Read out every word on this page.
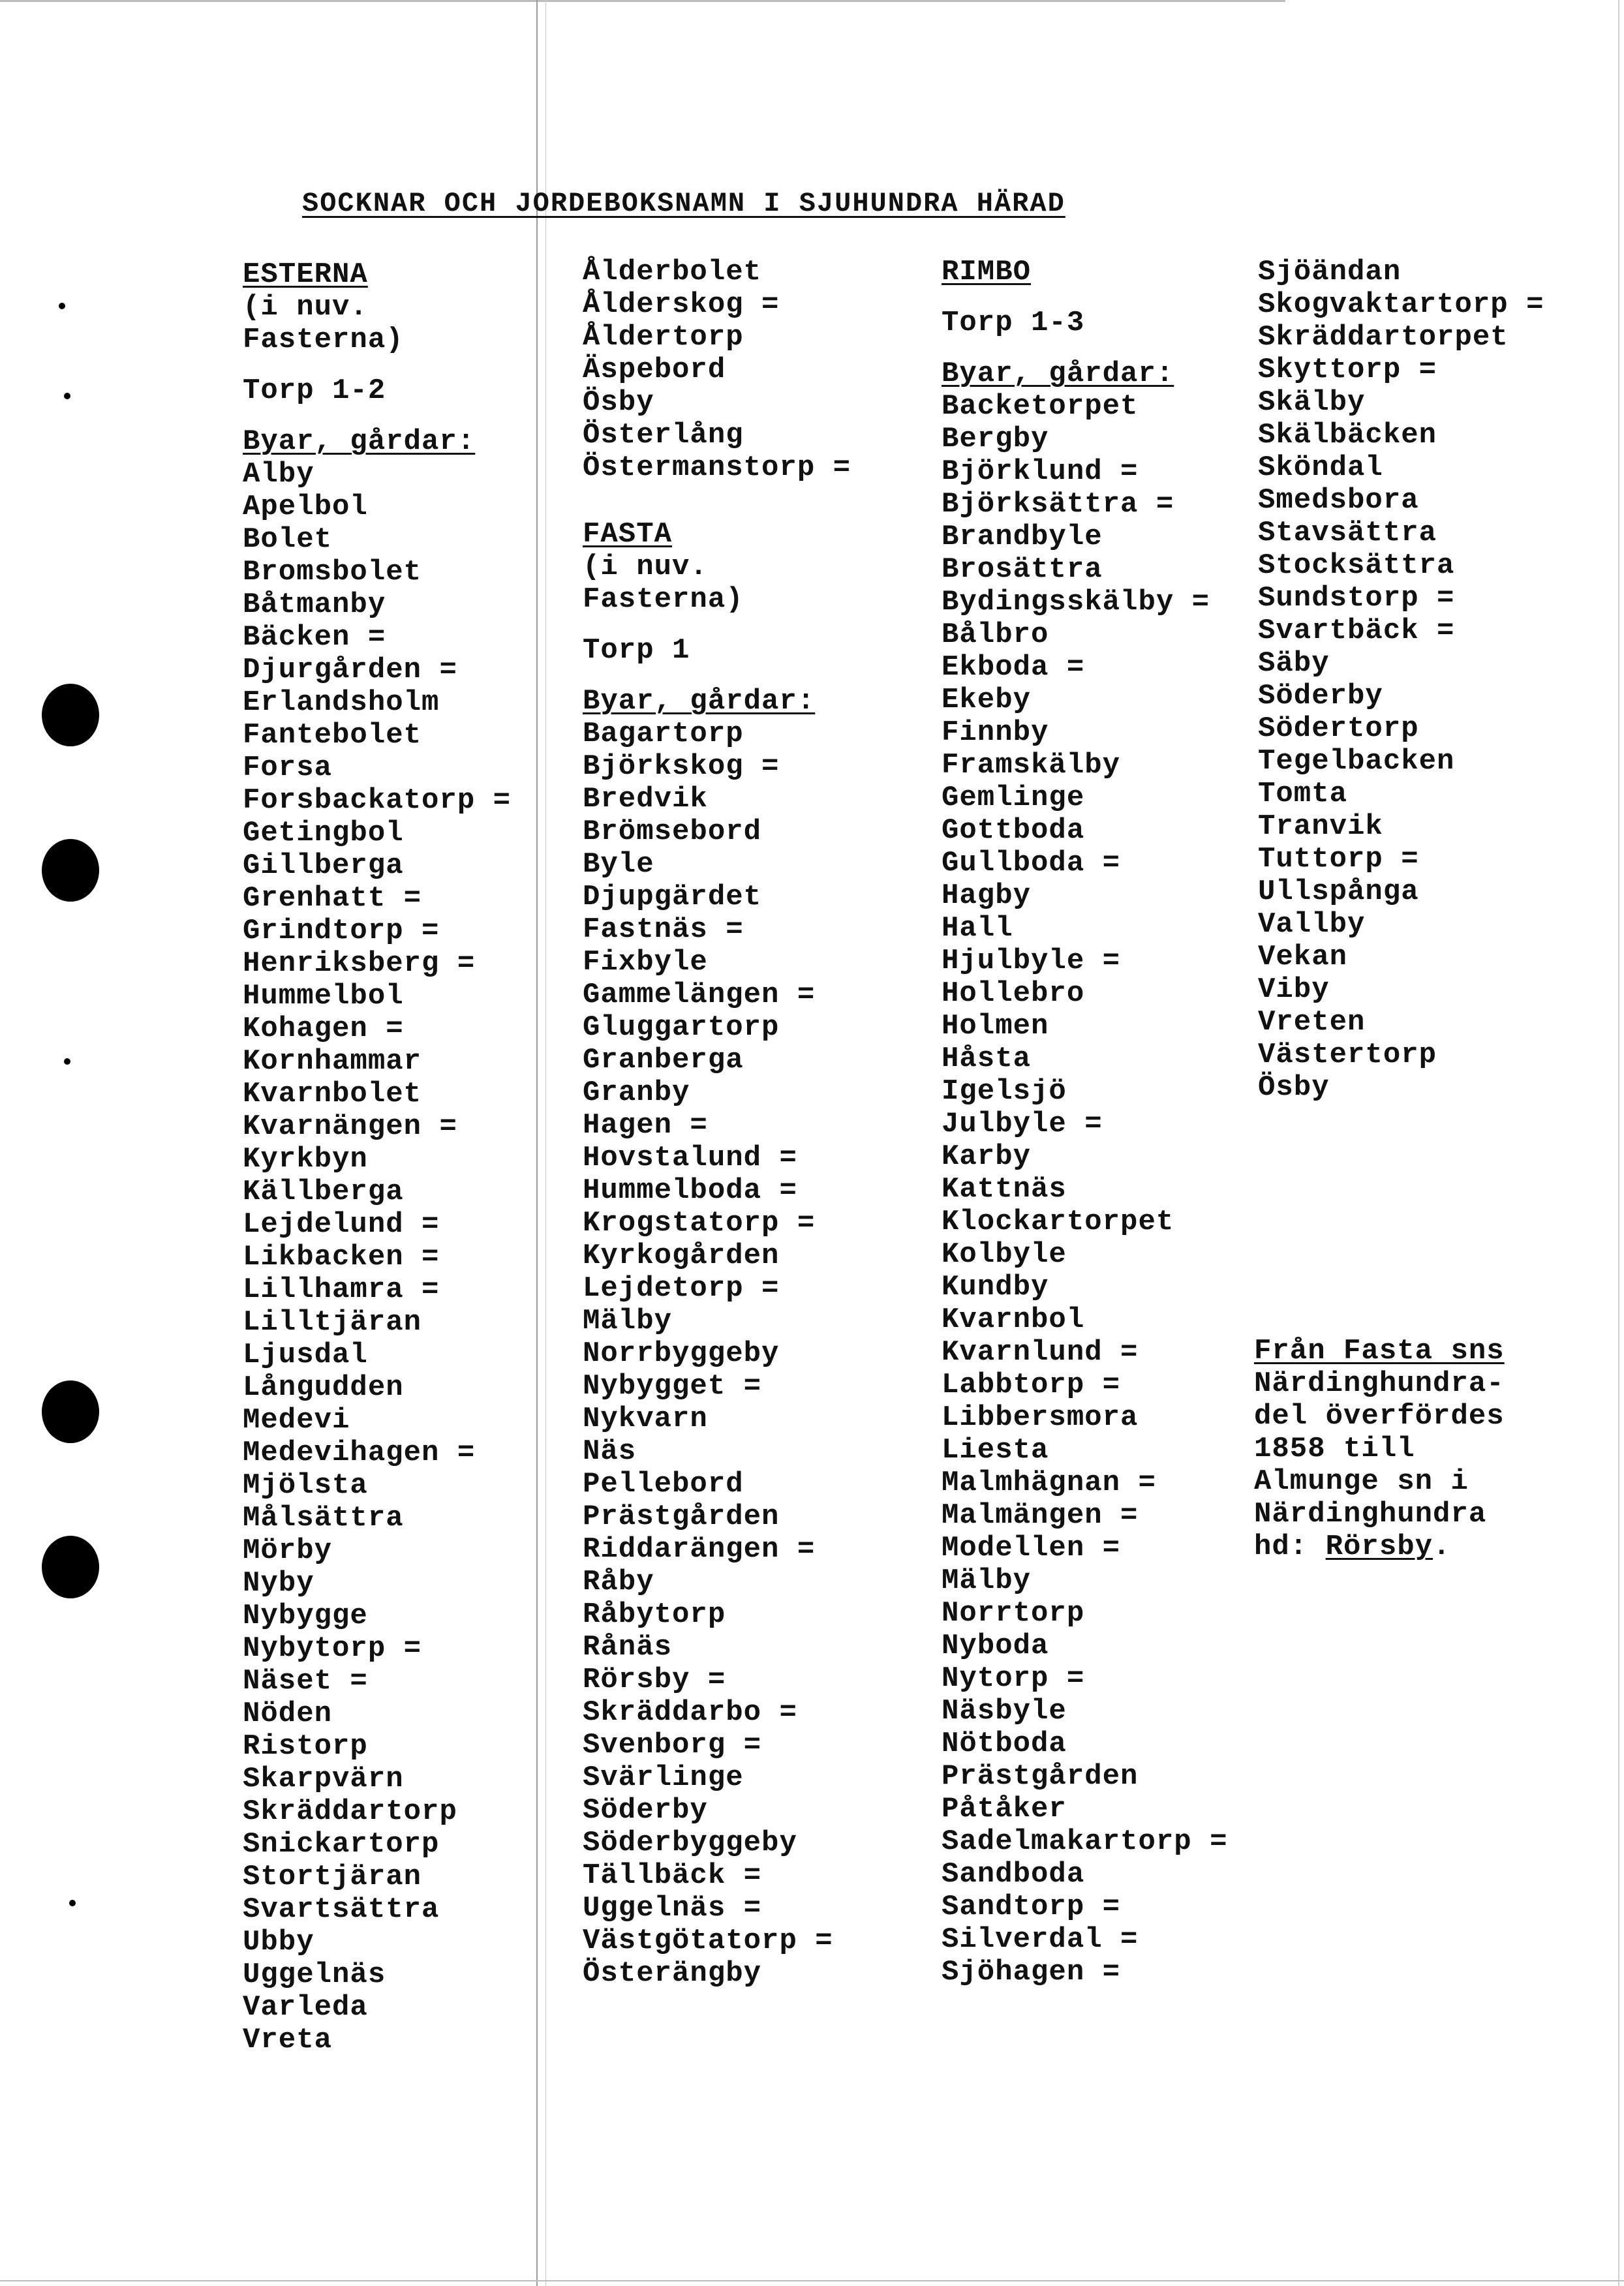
SOCKNAR OCH JORDEBOKSNAMN I SJUHUNDRA HÄRAD
ESTERNA
(i nuv.
Fasterna)
Torp 1-2
Byar, gårdar:
Alby
Apelbol
Bolet
Bromsbolet
Båtmanby
Bäcken =
Djurgården =
Erlandsholm
Fantebolet
Forsa
Forsbackatorp =
Getingbol
Gillberga
Grenhatt =
Grindtorp =
Henriksberg =
Hummelbol
Kohagen =
Kornhammar
Kvarnbolet
Kvarnängen =
Kyrkbyn
Källberga
Lejdelund =
Likbacken =
Lillhamra =
Lilltjäran
Ljusdal
Långudden
Medevi
Medevihagen =
Mjölsta
Målsättra
Mörby
Nyby
Nybygge
Nybytorp =
Näset =
Nöden
Ristorp
Skarpvärn
Skräddartorp
Snickartorp
Stortjäran
Svartsättra
Ubby
Uggelnäs
Varleda
Vreta
Ålderbolet
Ålderskog =
Åldertorp
Äspebord
Ösby
Österlång
Östermanstorp =
FASTA
(i nuv.
Fasterna)
Torp 1
Byar, gårdar:
Bagartorp
Björkskog =
Bredvik
Brömsebord
Byle
Djupgärdet
Fastnäs =
Fixbyle
Gammelängen =
Gluggartorp
Granberga
Granby
Hagen =
Hovstalund =
Hummelboda =
Krogstatorp =
Kyrkogården
Lejdetorp =
Mälby
Norrbyggeby
Nybygget =
Nykvarn
Näs
Pellebord
Prästgården
Riddarängen =
Råby
Råbytorp
Rånäs
Rörsby =
Skräddarbo =
Svenborg =
Svärlinge
Söderby
Söderbyggeby
Tällbäck =
Uggelnäs =
Västgötatorp =
Österängby
RIMBO
Torp 1-3
Byar, gårdar:
Backetorpet
Bergby
Björklund =
Björksättra =
Brandbyle
Brosättra
Bydingsskälby =
Bålbro
Ekboda =
Ekeby
Finnby
Framskälby
Gemlinge
Gottboda
Gullboda =
Hagby
Hall
Hjulbyle =
Hollebro
Holmen
Håsta
Igelsjö
Julbyle =
Karby
Kattnäs
Klockartorpet
Kolbyle
Kundby
Kvarnbol
Kvarnlund =
Labbtorp =
Libbersmora
Liesta
Malmhägnan =
Malmängen =
Modellen =
Mälby
Norrtorp
Nyboda
Nytorp =
Näsbyle
Nötboda
Prästgården
Påtåker
Sadelmakartorp =
Sandboda
Sandtorp =
Silverdal =
Sjöhagen =
Sjöändan
Skogvaktartorp =
Skräddartorpet
Skyttorp =
Skälby
Skälbäcken
Sköndal
Smedsbora
Stavsättra
Stocksättra
Sundstorp =
Svartbäck =
Säby
Söderby
Södertorp
Tegelbacken
Tomta
Tranvik
Tuttorp =
Ullspånga
Vallby
Vekan
Viby
Vreten
Västertorp
Ösby
Från Fasta sns
Närdinghundra-
del överfördes
1858 till
Almunge sn i
Närdinghundra
hd: Rörsby.
